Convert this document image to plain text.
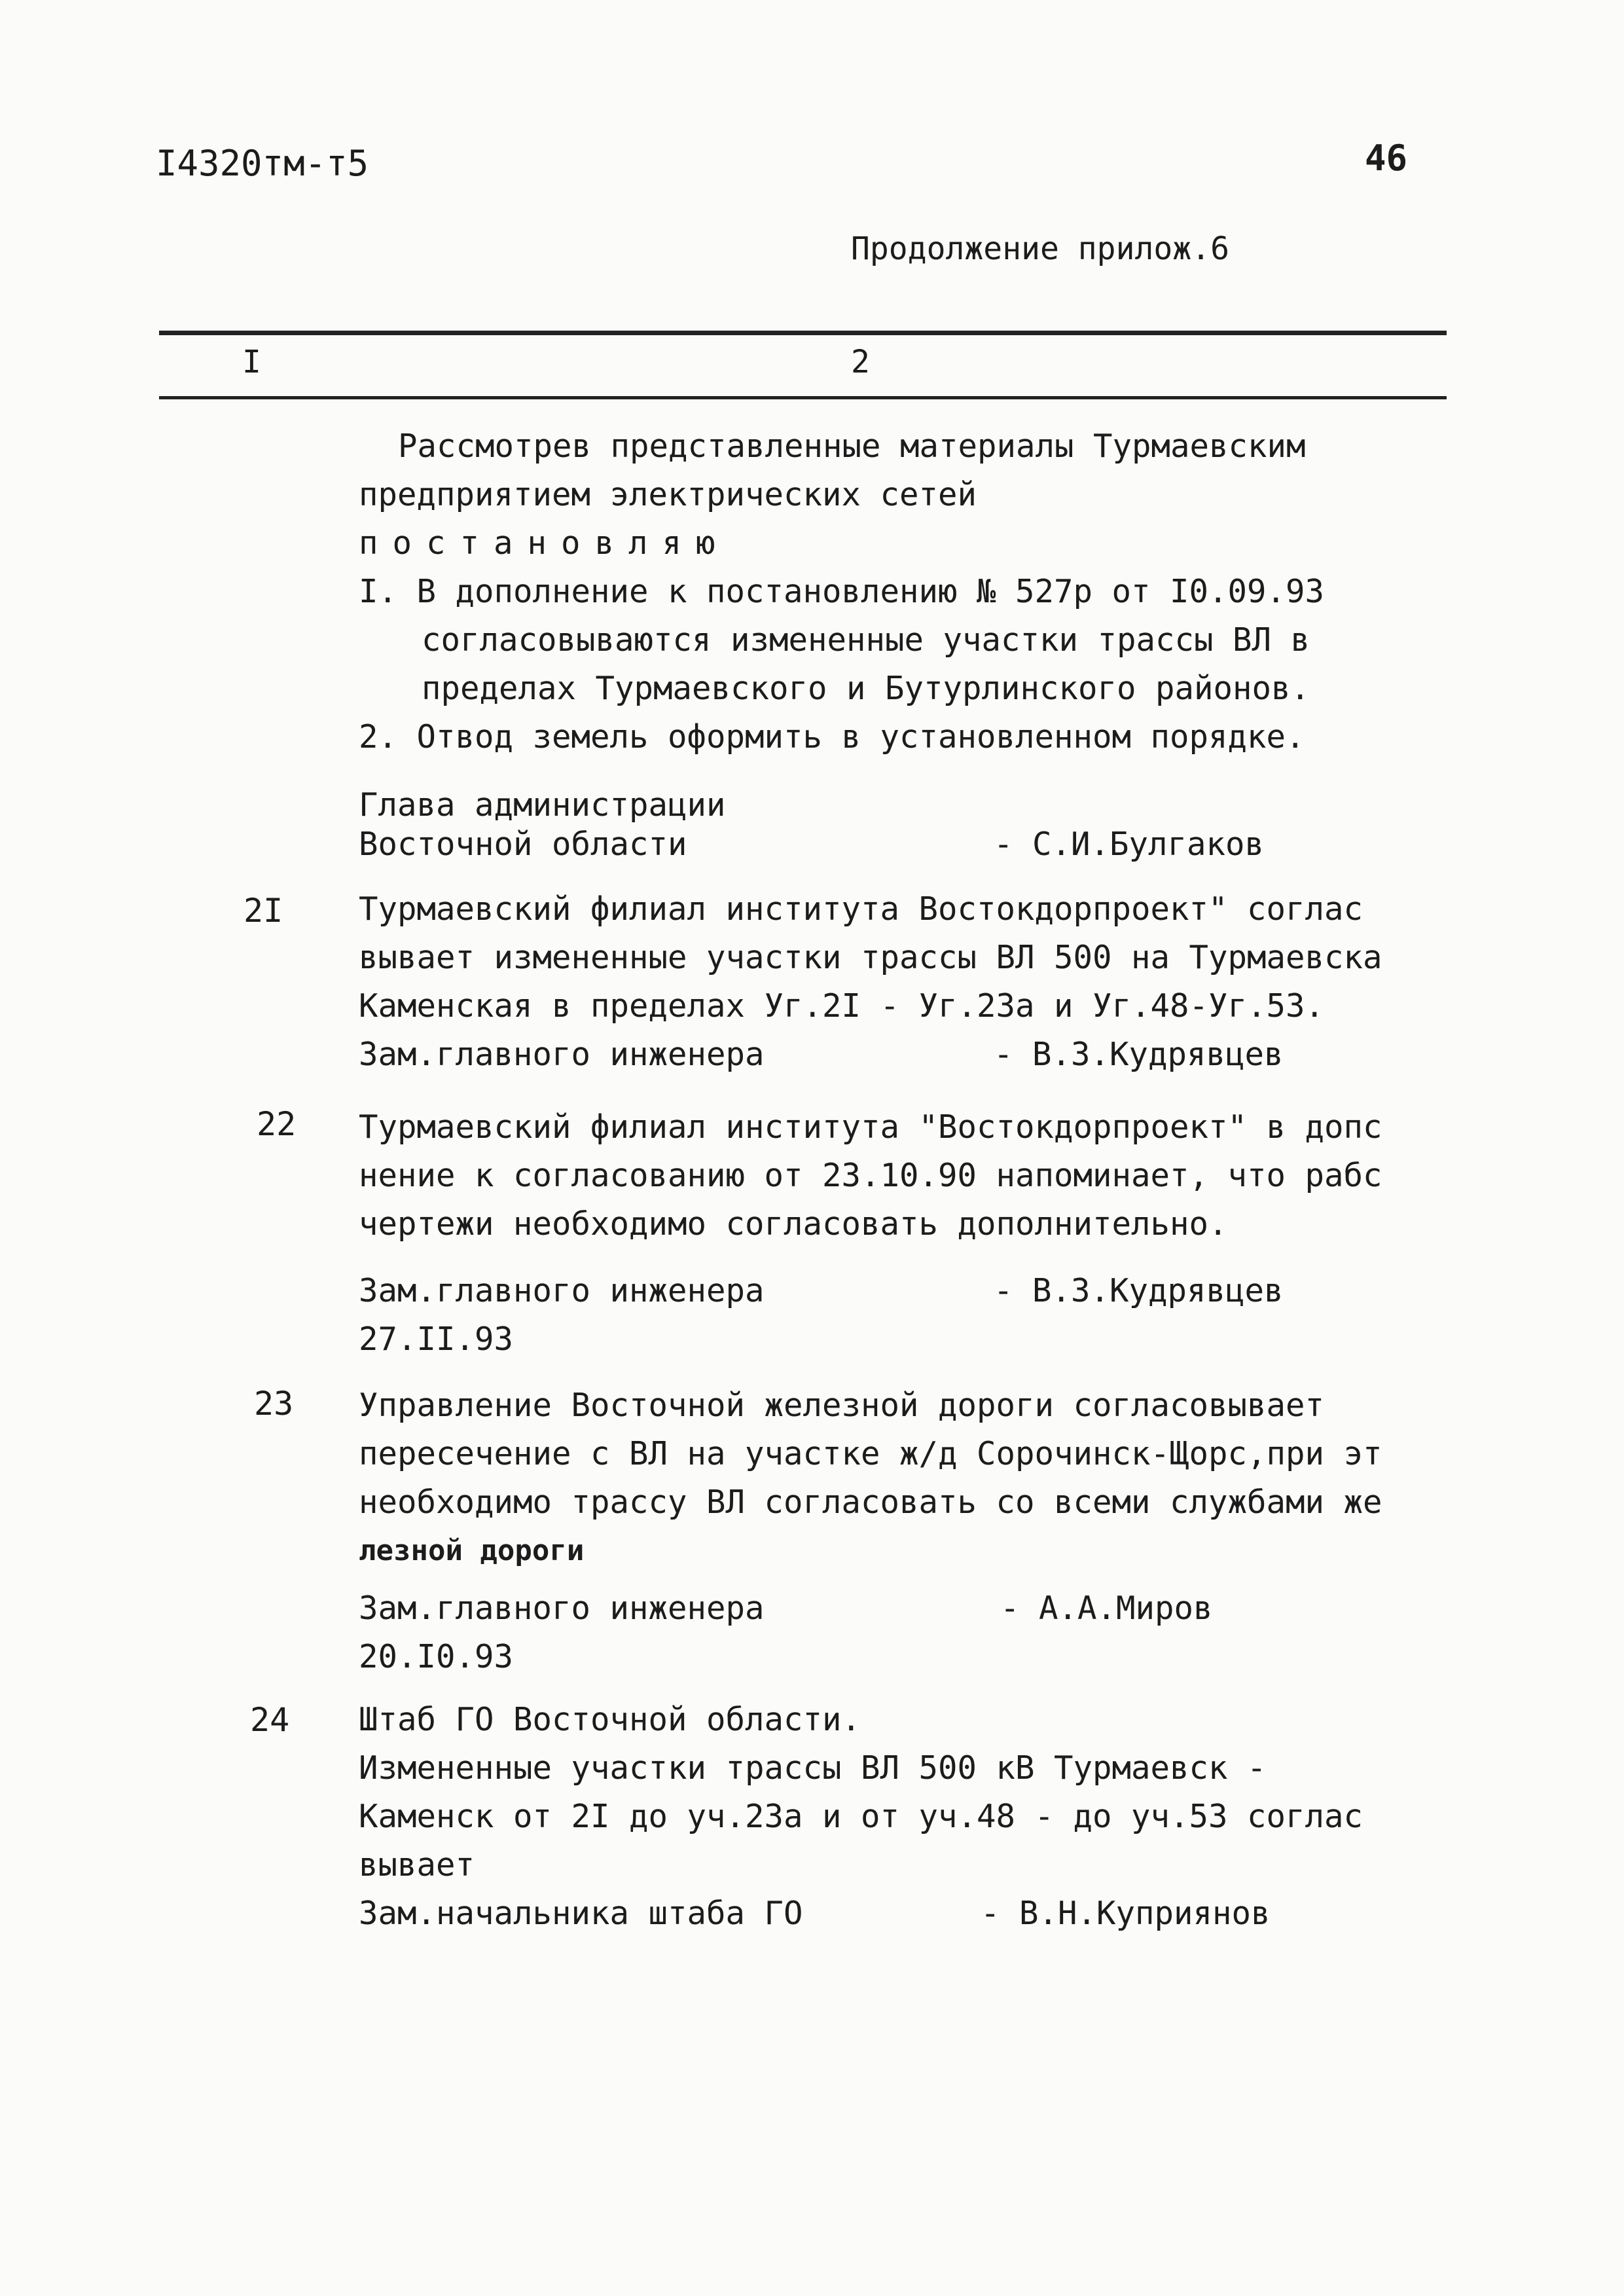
I4320тм-т5	46
Продолжение прилож.6
I	2
Рассмотрев представленные материалы Турмаевским
предприятием электрических сетей
постановляю
I. В дополнение к постановлению № 527р от I0.09.93
согласовываются измененные участки трассы ВЛ в
пределах Турмаевского и Бутурлинского районов.
2. Отвод земель оформить в установленном порядке.
Глава администрации
Восточной области	- С.И.Булгаков
2I Турмаевский филиал института Востокдорпроект" соглас
вывает измененные участки трассы ВЛ 500 на Турмаевска
Каменская в пределах Уг.2I - Уг.23а и Уг.48-Уг.53.
Зам.главного инженера	- В.З.Кудрявцев
22 Турмаевский филиал института "Востокдорпроект" в допс
нение к согласованию от 23.10.90 напоминает, что рабс
чертежи необходимо согласовать дополнительно.
Зам.главного инженера	- В.З.Кудрявцев
27.II.93
23 Управление Восточной железной дороги согласовывает
пересечение с ВЛ на участке ж/д Сорочинск-Щорс,при эт
необходимо трассу ВЛ согласовать со всеми службами же
лезной дороги
Зам.главного инженера	- А.А.Миров
20.I0.93
24 Штаб ГО Восточной области.
Измененные участки трассы ВЛ 500 кВ Турмаевск -
Каменск от 2I до уч.23а и от уч.48 - до уч.53 соглас
вывает
Зам.начальника штаба ГО	- В.Н.Куприянов
